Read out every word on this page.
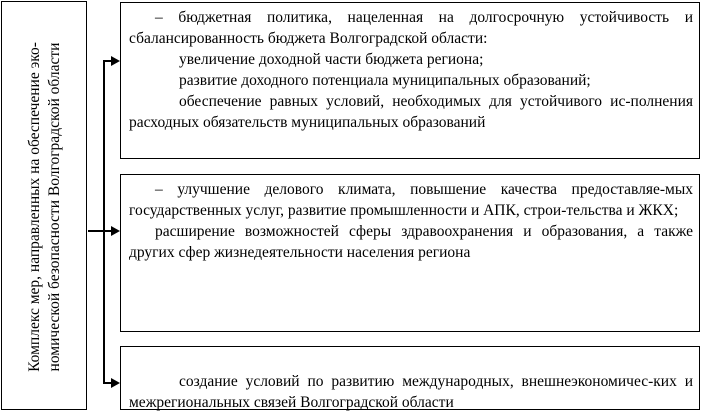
Комплекс мер, направленных на обеспечение эко-номической безопасности Волгоградской области

– бюджетная политика, нацеленная на долгосрочную устойчивость и сбалансированность бюджета Волгоградской области:

увеличение доходной части бюджета региона;

развитие доходного потенциала муниципальных образований;

обеспечение равных условий, необходимых для устойчивого ис-полнения расходных обязательств муниципальных образований

– улучшение делового климата, повышение качества предоставляе-мых государственных услуг, развитие промышленности и АПК, строи-тельства и ЖКХ;

расширение возможностей сферы здравоохранения и образования, а также других сфер жизнедеятельности населения региона

создание условий по развитию международных, внешнеэкономичес-ких и межрегиональных связей Волгоградской области
